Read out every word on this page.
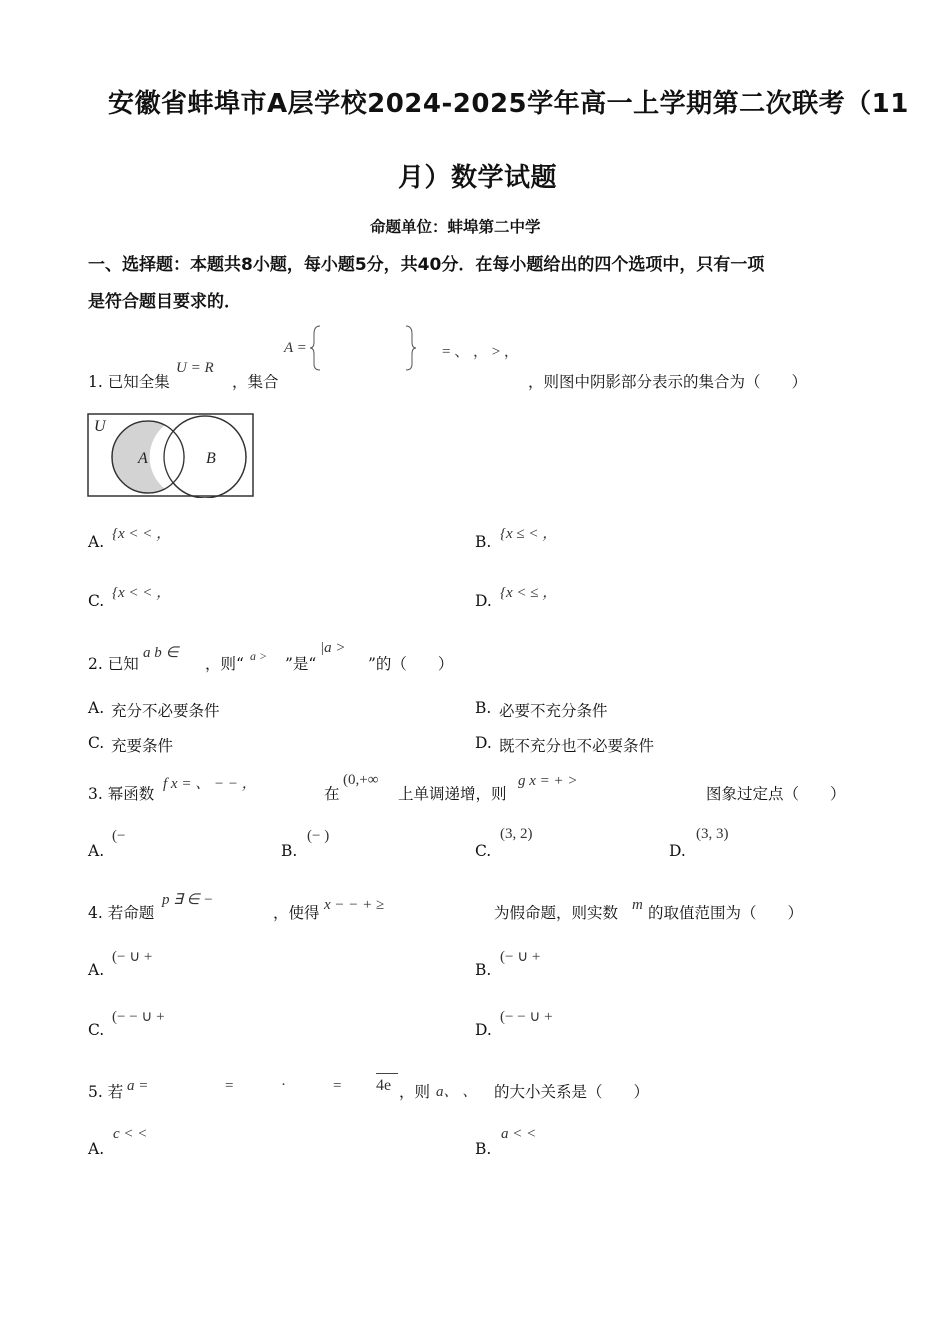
安徽省蚌埠市A层学校2024-2025学年高一上学期第二次联考（11
月）数学试题
命题单位：蚌埠第二中学
一、选择题：本题共8小题，每小题5分，共40分．在每小题给出的四个选项中，只有一项
是符合题目要求的．
1. 已知全集
U = R
，集合
A =	= 、 ， > ，
，则图中阴影部分表示的集合为（　　）
U
A	B
A. {x < < ，	B. {x ≤ < ，
C. {x < < ，	D. {x < ≤ ，
2. 已知
a b ∈
，则“ a > ”是“
|a >
”的（　　）
A. 充分不必要条件	B. 必要不充分条件
C. 充要条件	D. 既不充分也不必要条件
3. 幂函数
f x = 、 − − ，
在
(0,+∞
上单调递增，则
g x = + >
图象过定点（　　）
A.
(−
B.
(− )
C.
(3, 2)
D.
(3, 3)
4. 若命题
p ∃ ∈ −
，使得 x − − + ≥	为假命题，则实数 m 的取值范围为（　　）
A.
(− ∪ +
B.
(− ∪ +
C.
(− − ∪ +
D.
(− − ∪ +
5. 若 a =	=	·	= 4e ，则 a、 、 的大小关系是（　　）
A.
c < <
B.
a < <
